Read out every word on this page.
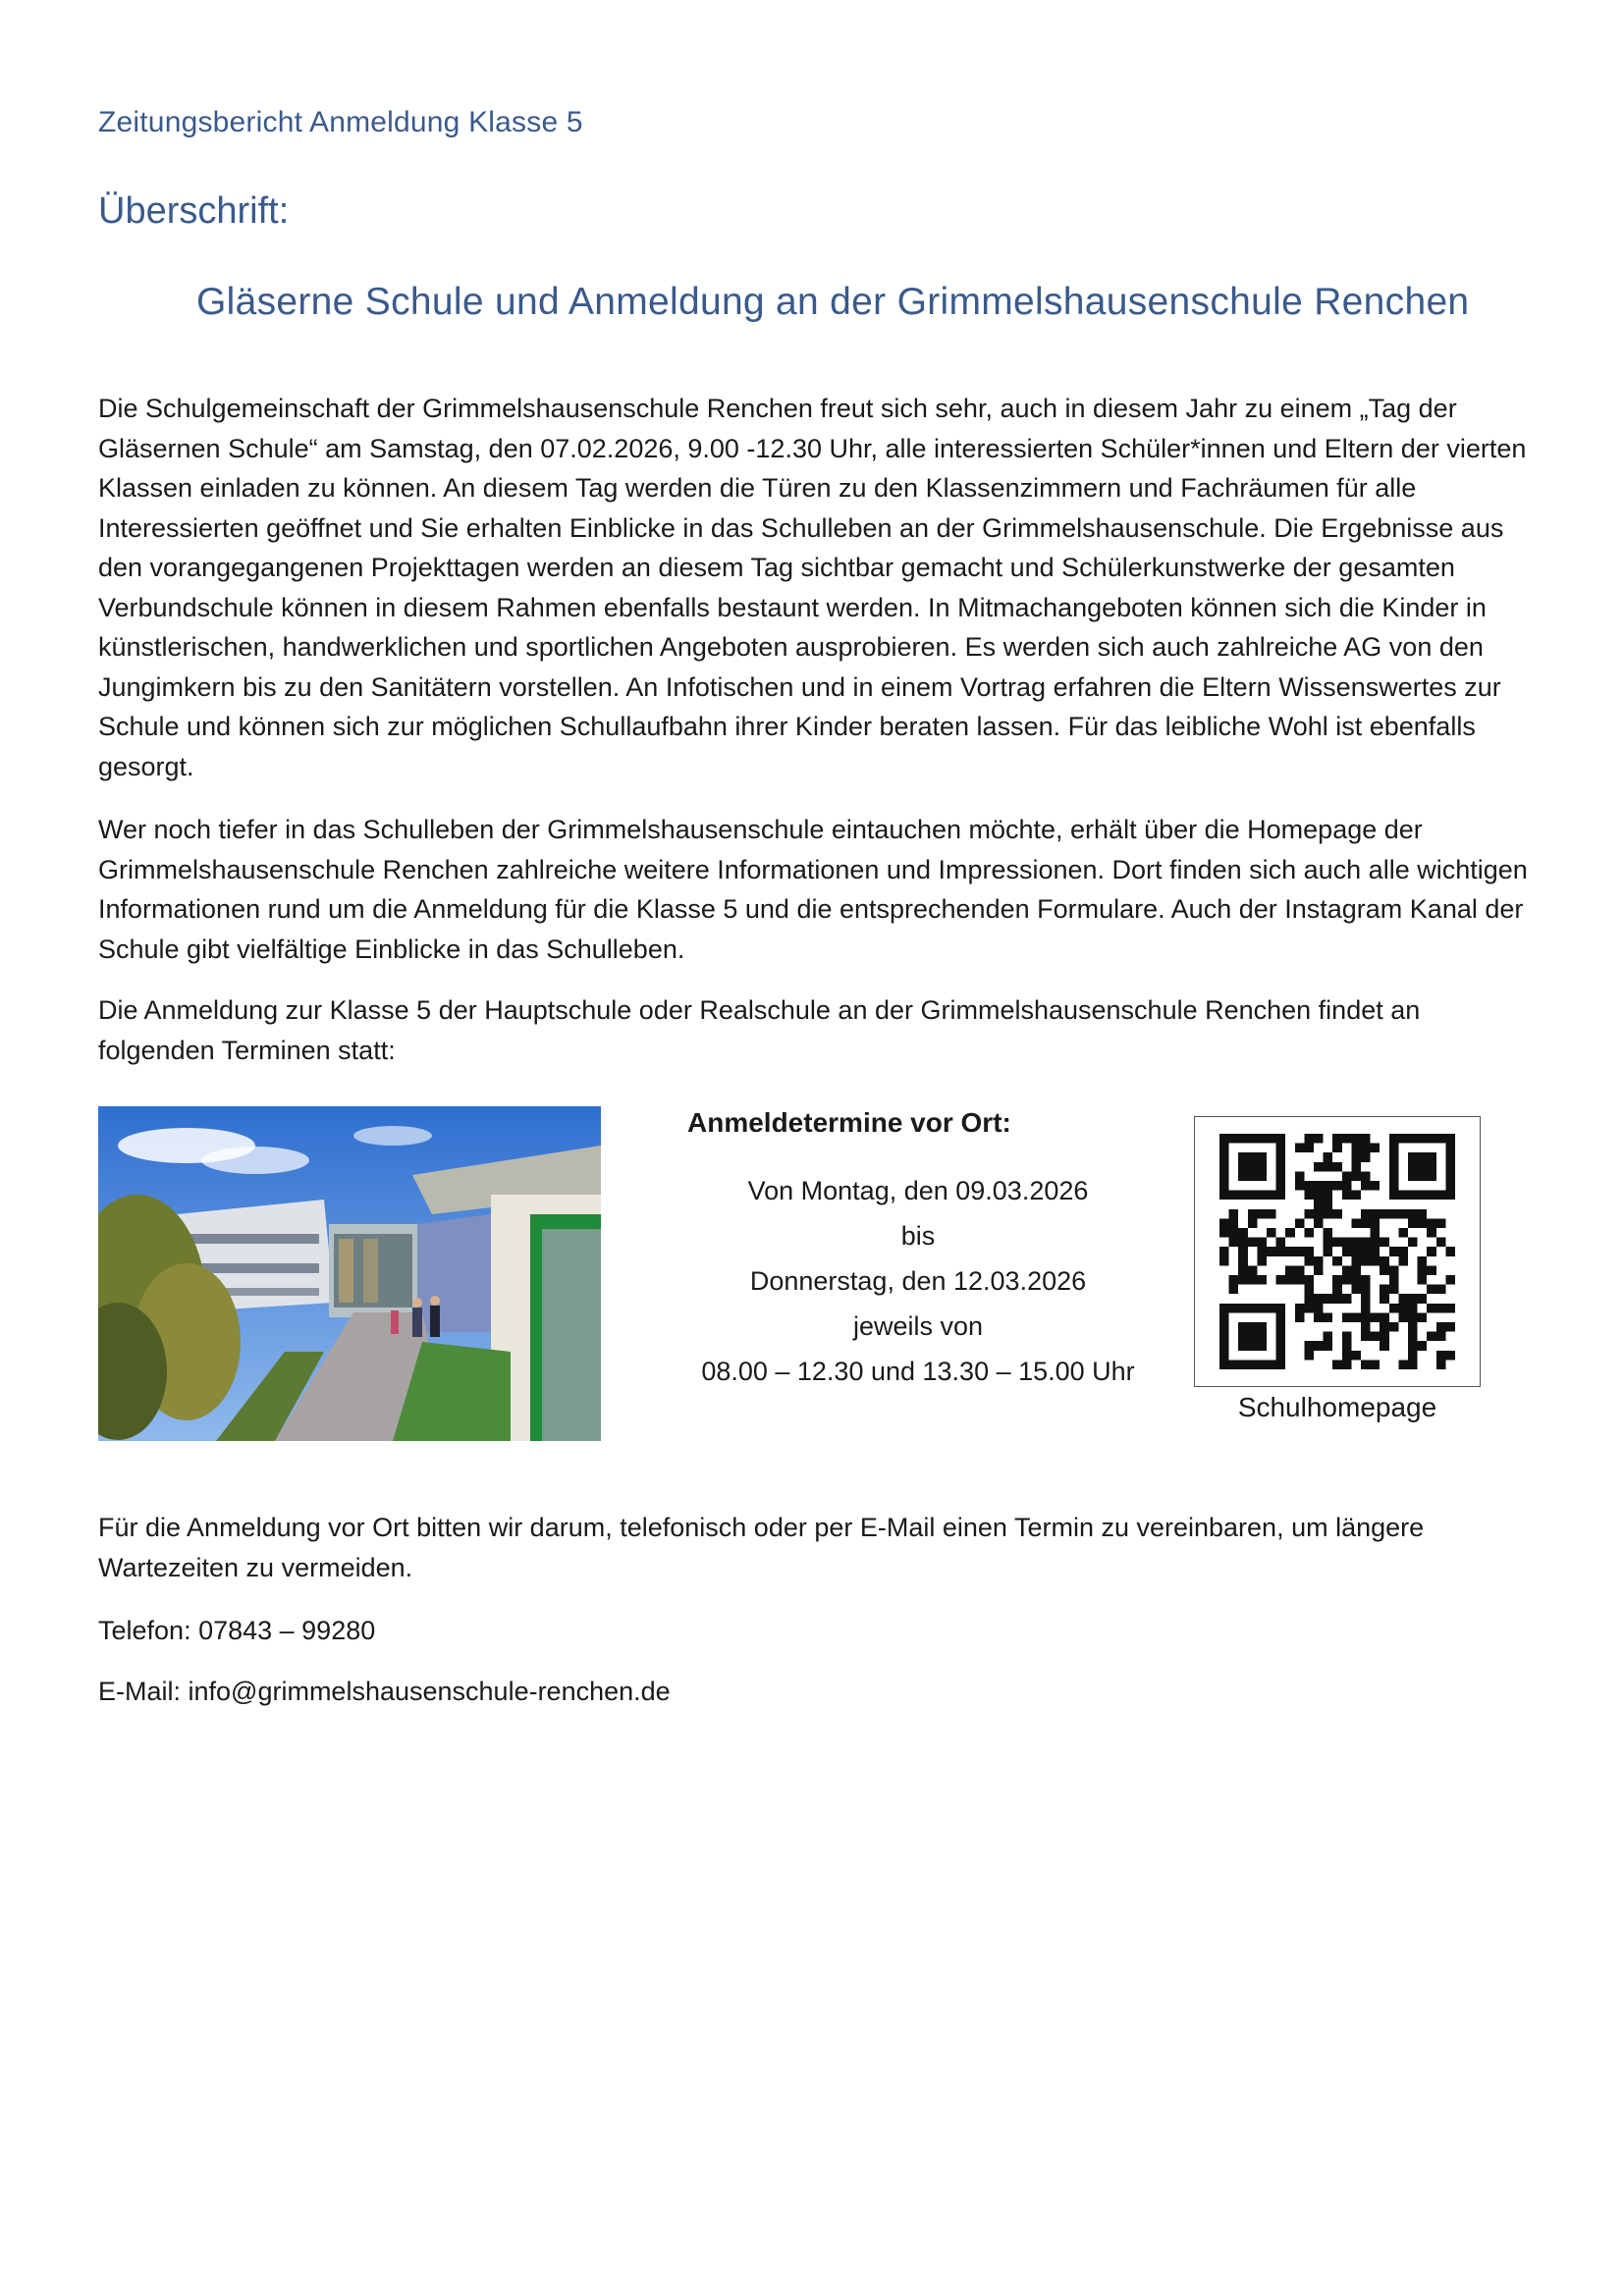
Zeitungsbericht Anmeldung Klasse 5
Überschrift:
Gläserne Schule und Anmeldung an der Grimmelshausenschule Renchen

Die Schulgemeinschaft der Grimmelshausenschule Renchen freut sich sehr, auch in diesem Jahr zu einem „Tag der Gläsernen Schule“ am Samstag, den 07.02.2026, 9.00 -12.30 Uhr, alle interessierten Schüler*innen und Eltern der vierten Klassen einladen zu können. An diesem Tag werden die Türen zu den Klassenzimmern und Fachräumen für alle Interessierten geöffnet und Sie erhalten Einblicke in das Schulleben an der Grimmelshausenschule. Die Ergebnisse aus den vorangegangenen Projekttagen werden an diesem Tag sichtbar gemacht und Schülerkunstwerke der gesamten Verbundschule können in diesem Rahmen ebenfalls bestaunt werden. In Mitmachangeboten können sich die Kinder in künstlerischen, handwerklichen und sportlichen Angeboten ausprobieren. Es werden sich auch zahlreiche AG von den Jungimkern bis zu den Sanitätern vorstellen. An Infotischen und in einem Vortrag erfahren die Eltern Wissenswertes zur Schule und können sich zur möglichen Schullaufbahn ihrer Kinder beraten lassen. Für das leibliche Wohl ist ebenfalls gesorgt.

Wer noch tiefer in das Schulleben der Grimmelshausenschule eintauchen möchte, erhält über die Homepage der Grimmelshausenschule Renchen zahlreiche weitere Informationen und Impressionen. Dort finden sich auch alle wichtigen Informationen rund um die Anmeldung für die Klasse 5 und die entsprechenden Formulare. Auch der Instagram Kanal der Schule gibt vielfältige Einblicke in das Schulleben.

Die Anmeldung zur Klasse 5 der Hauptschule oder Realschule an der Grimmelshausenschule Renchen findet an folgenden Terminen statt:

Anmeldetermine vor Ort:
Von Montag, den 09.03.2026
bis
Donnerstag, den 12.03.2026
jeweils von
08.00 – 12.30 und 13.30 – 15.00 Uhr
Schulhomepage

Für die Anmeldung vor Ort bitten wir darum, telefonisch oder per E-Mail einen Termin zu vereinbaren, um längere Wartezeiten zu vermeiden.

Telefon: 07843 – 99280
E-Mail: info@grimmelshausenschule-renchen.de
